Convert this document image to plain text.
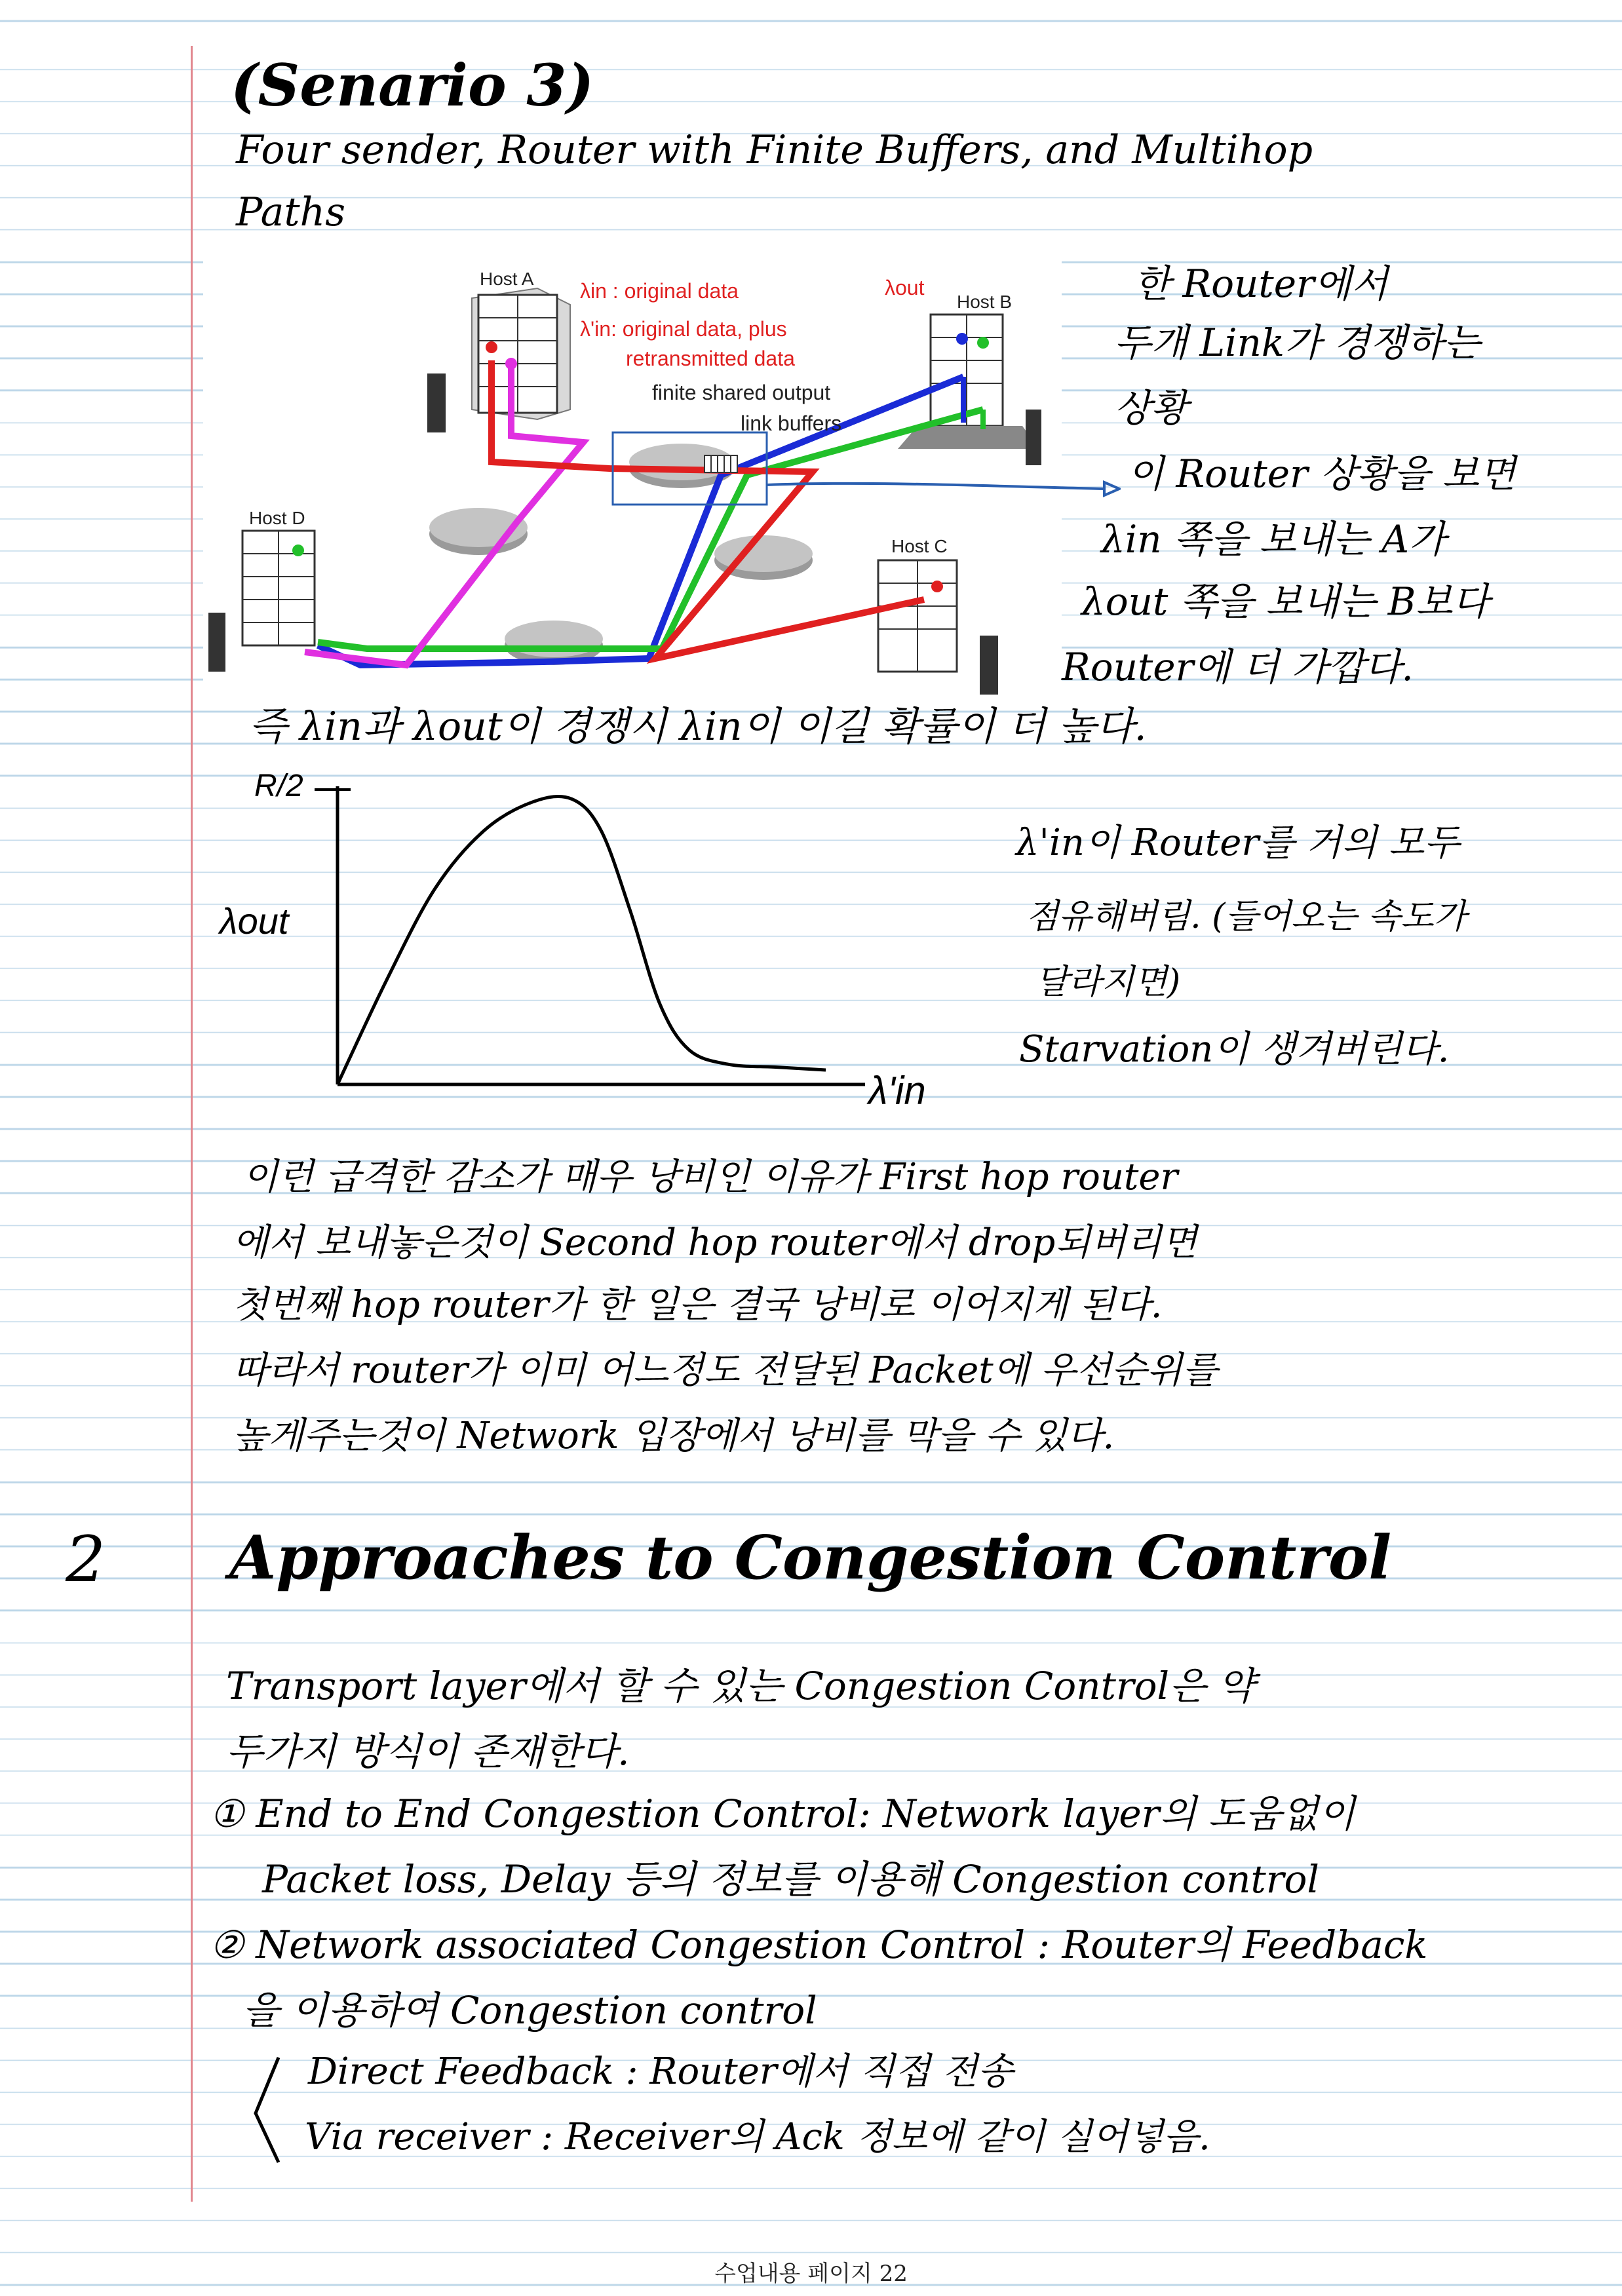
(Senario 3)
Four sender, Router with Finite Buffers, and Multihop
Paths
Host A
Host B
Host C
Host D
λin : original data
λ'in: original data, plus
retransmitted data
λout
finite shared output
link buffers
한 Router에서
두개 Link가 경쟁하는
상황
이 Router 상황을 보면
λin 쪽을 보내는 A가
λout 쪽을 보내는 B보다
Router에 더 가깝다.
즉 λin과 λout이 경쟁시 λin이 이길 확률이 더 높다.
R/2
λout
λ'in
λ'in이 Router를 거의 모두
점유해버림. (들어오는 속도가
달라지면)
Starvation이 생겨버린다.
이런 급격한 감소가 매우 낭비인 이유가 First hop router
에서 보내놓은것이 Second hop router에서 drop되버리면
첫번째 hop router가 한 일은 결국 낭비로 이어지게 된다.
따라서 router가 이미 어느정도 전달된 Packet에 우선순위를
높게주는것이 Network 입장에서 낭비를 막을 수 있다.
2 Approaches to Congestion Control
Transport layer에서 할 수 있는 Congestion Control은 약
두가지 방식이 존재한다.
① End to End Congestion Control: Network layer의 도움없이
Packet loss, Delay 등의 정보를 이용해 Congestion control
② Network associated Congestion Control : Router의 Feedback
을 이용하여 Congestion control
Direct Feedback : Router에서 직접 전송
Via receiver : Receiver의 Ack 정보에 같이 실어넣음.
수업내용 페이지 22
